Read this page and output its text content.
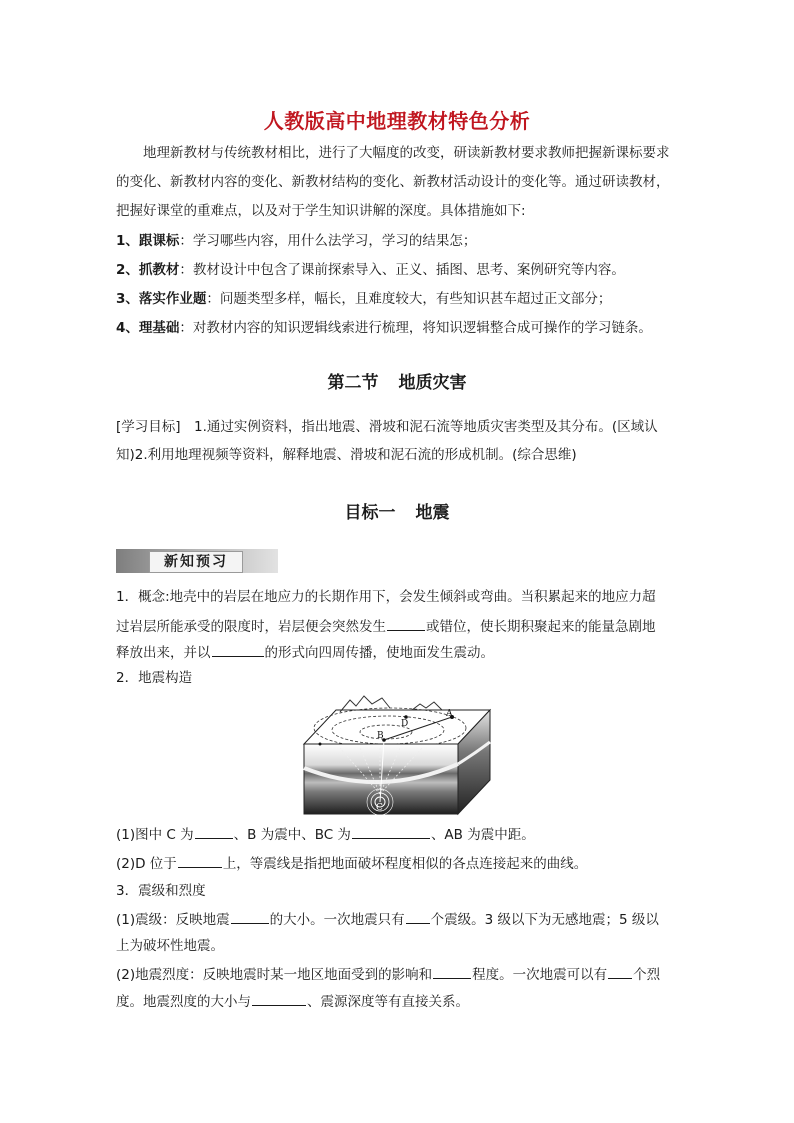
人教版高中地理教材特色分析
地理新教材与传统教材相比，进行了大幅度的改变，研读新教材要求教师把握新课标要求的变化、新教材内容的变化、新教材结构的变化、新教材活动设计的变化等。通过研读教材，把握好课堂的重难点，以及对于学生知识讲解的深度。具体措施如下:
1、跟课标：学习哪些内容，用什么法学习，学习的结果怎；
2、抓教材：教材设计中包含了课前探索导入、正义、插图、思考、案例研究等内容。
3、落实作业题：问题类型多样，幅长，且难度较大，有些知识甚车超过正文部分；
4、理基础：对教材内容的知识逻辑线索进行梳理，将知识逻辑整合成可操作的学习链条。
第二节 地质灾害
[学习目标]　1.通过实例资料，指出地震、滑坡和泥石流等地质灾害类型及其分布。(区域认知)2.利用地理视频等资料，解释地震、滑坡和泥石流的形成机制。(综合思维)
目标一 地震
新知预习
1．概念:地壳中的岩层在地应力的长期作用下，会发生倾斜或弯曲。当积累起来的地应力超
过岩层所能承受的限度时，岩层便会突然发生	或错位，使长期积聚起来的能量急剧地
释放出来，并以	的形式向四周传播，使地面发生震动。
2．地震构造
D
A
B
C
(1)图中 C 为	、B 为震中、BC 为	、AB 为震中距。
(2)D 位于	上，等震线是指把地面破坏程度相似的各点连接起来的曲线。
3．震级和烈度
(1)震级：反映地震	的大小。一次地震只有 个震级。3 级以下为无感地震；5 级以
上为破坏性地震。
(2)地震烈度：反映地震时某一地区地面受到的影响和	程度。一次地震可以有 个烈
度。地震烈度的大小与	、震源深度等有直接关系。
